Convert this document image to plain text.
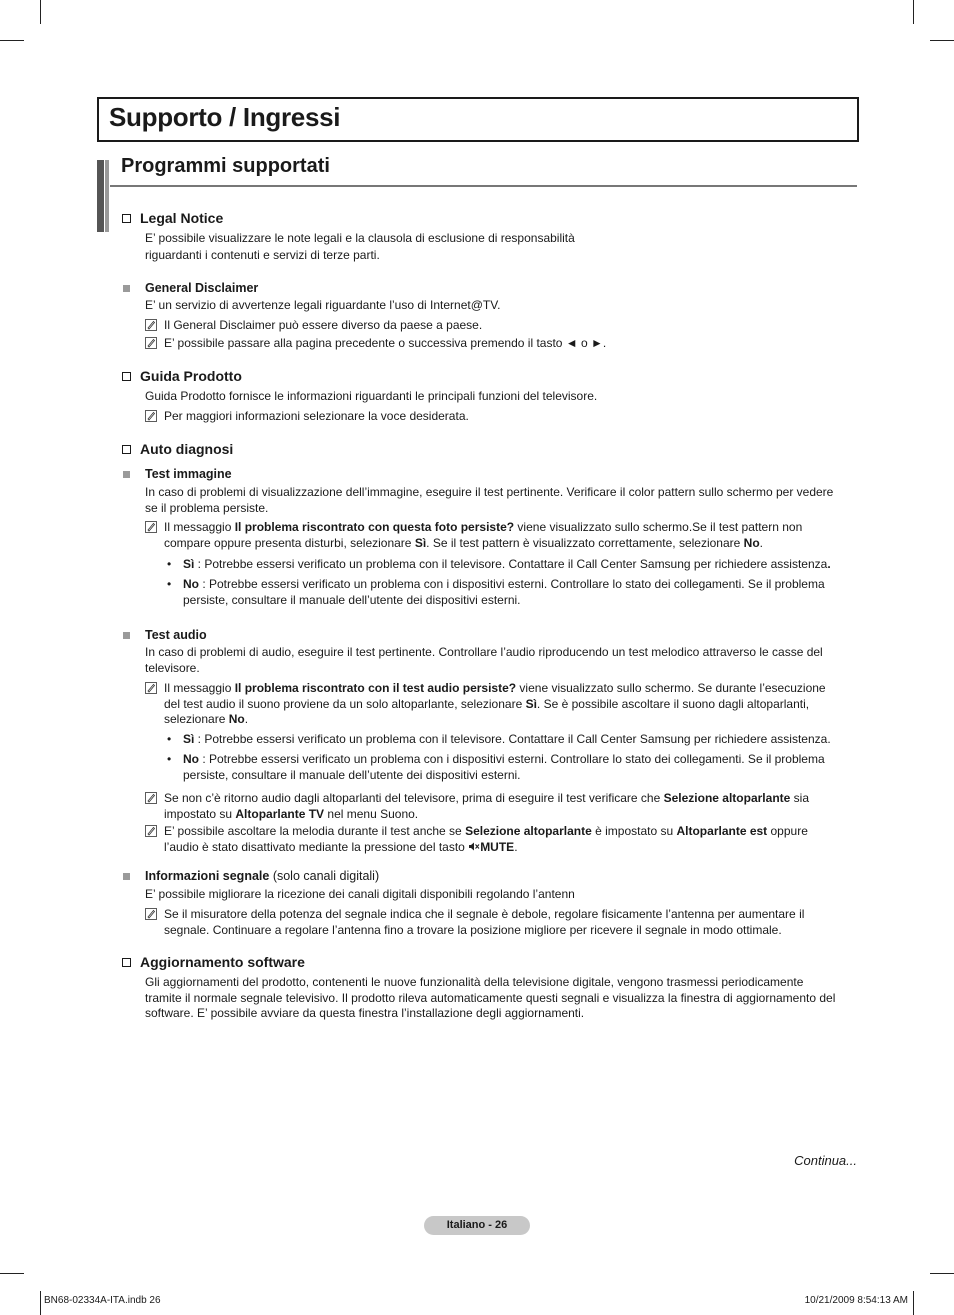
Supporto / Ingressi
Programmi supportati
Legal Notice
E’ possibile visualizzare le note legali e la clausola di esclusione di responsabilità
riguardanti i contenuti e servizi di terze parti.
General Disclaimer
E’ un servizio di avvertenze legali riguardante l’uso di Internet@TV.
Il General Disclaimer può essere diverso da paese a paese.
E’ possibile passare alla pagina precedente o successiva premendo il tasto ◄ o ►.
Guida Prodotto
Guida Prodotto fornisce le informazioni riguardanti le principali funzioni del televisore.
Per maggiori informazioni selezionare la voce desiderata.
Auto diagnosi
Test immagine
In caso di problemi di visualizzazione dell’immagine, eseguire il test pertinente. Verificare il color pattern sullo schermo per vedere
se il problema persiste.
Il messaggio Il problema riscontrato con questa foto persiste? viene visualizzato sullo schermo.Se il test pattern non
compare oppure presenta disturbi, selezionare Sì. Se il test pattern è visualizzato correttamente, selezionare No.
• Sì : Potrebbe essersi verificato un problema con il televisore. Contattare il Call Center Samsung per richiedere assistenza.
• No : Potrebbe essersi verificato un problema con i dispositivi esterni. Controllare lo stato dei collegamenti. Se il problema
persiste, consultare il manuale dell’utente dei dispositivi esterni.
Test audio
In caso di problemi di audio, eseguire il test pertinente. Controllare l’audio riproducendo un test melodico attraverso le casse del
televisore.
Il messaggio Il problema riscontrato con il test audio persiste? viene visualizzato sullo schermo. Se durante l’esecuzione
del test audio il suono proviene da un solo altoparlante, selezionare Sì. Se è possibile ascoltare il suono dagli altoparlanti,
selezionare No.
• Sì : Potrebbe essersi verificato un problema con il televisore. Contattare il Call Center Samsung per richiedere assistenza.
• No : Potrebbe essersi verificato un problema con i dispositivi esterni. Controllare lo stato dei collegamenti. Se il problema
persiste, consultare il manuale dell’utente dei dispositivi esterni.
Se non c’è ritorno audio dagli altoparlanti del televisore, prima di eseguire il test verificare che Selezione altoparlante sia
impostato su Altoparlante TV nel menu Suono.
E’ possibile ascoltare la melodia durante il test anche se Selezione altoparlante è impostato su Altoparlante est oppure
l’audio è stato disattivato mediante la pressione del tasto MUTE.
Informazioni segnale (solo canali digitali)
E’ possibile migliorare la ricezione dei canali digitali disponibili regolando l’antenn
Se il misuratore della potenza del segnale indica che il segnale è debole, regolare fisicamente l’antenna per aumentare il
segnale. Continuare a regolare l’antenna fino a trovare la posizione migliore per ricevere il segnale in modo ottimale.
Aggiornamento software
Gli aggiornamenti del prodotto, contenenti le nuove funzionalità della televisione digitale, vengono trasmessi periodicamente
tramite il normale segnale televisivo. Il prodotto rileva automaticamente questi segnali e visualizza la finestra di aggiornamento del
software. E’ possibile avviare da questa finestra l’installazione degli aggiornamenti.
Continua...
Italiano - 26
BN68-02334A-ITA.indb 26	10/21/2009 8:54:13 AM
